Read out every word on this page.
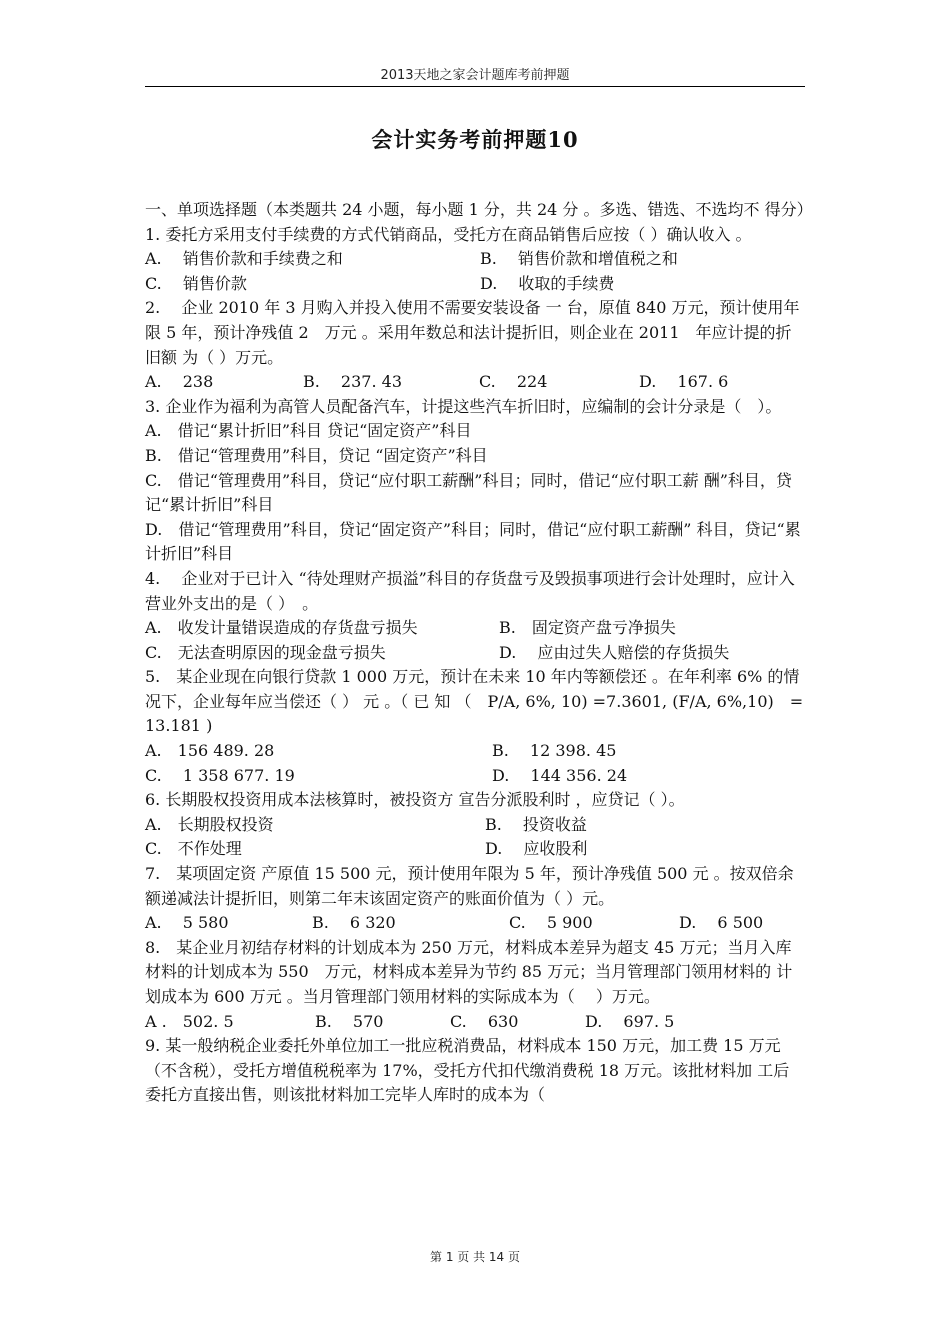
2013天地之家会计题库考前押题
会计实务考前押题10

一、单项选择题（本类题共 24 小题，每小题 1 分，共 24 分 。多选、错选、不选均不 得分）

1. 委托方采用支付手续费的方式代销商品，受托方在商品销售后应按（ ）确认收入 。

A.　 销售价款和手续费之和	B.　 销售价款和增值税之和
C.　 销售价款	D.　 收取的手续费

2.　 企业 2010 年 3 月购入并投入使用不需要安装设备 一 台，原值 840 万元，预计使用年限 5 年，预计净残值 2　万元 。采用年数总和法计提折旧，则企业在 2011　年应计提的折旧额 为（ ）万元。

A.　 238	B.　 237. 43	C.　 224	D.　 167. 6

3. 企业作为福利为高管人员配备汽车，计提这些汽车折旧时，应编制的会计分录是（　）。

A.　借记“累计折旧”科目 贷记“固定资产”科目

B.　借记“管理费用”科目，贷记 “固定资产”科目

C.　借记“管理费用”科目，贷记“应付职工薪酬”科目；同时，借记“应付职工薪 酬”科目，贷记“累计折旧”科目

D.　借记“管理费用”科目，贷记“固定资产”科目；同时，借记“应付职工薪酬” 科目，贷记“累计折旧”科目

4.　 企业对于已计入 “待处理财产损溢”科目的存货盘亏及毁损事项进行会计处理时，应计入营业外支出的是（ ）　。

A.　收发计量错误造成的存货盘亏损失	B.　固定资产盘亏净损失
C.　无法查明原因的现金盘亏损失	D.　 应由过失人赔偿的存货损失

5.　某企业现在向银行贷款 1 000 万元，预计在未来 10 年内等额偿还 。在年利率 6% 的情况下，企业每年应当偿还（ ） 元 。（ 已 知 （　P/A, 6%, 10) =7.3601, (F/A, 6%,10)　=13.181 )

A.　156 489. 28	B.　 12 398. 45
C.　 1 358 677. 19	D.　 144 356. 24

6. 长期股权投资用成本法核算时，被投资方 宣告分派股利时 ，应贷记（ ）。

A.　长期股权投资	B.　 投资收益
C.　不作处理	D.　 应收股利

7.　某项固定资 产原值 15 500 元，预计使用年限为 5 年，预计净残值 500 元 。按双倍余额递减法计提折旧，则第二年末该固定资产的账面价值为（ ）元。

A.　 5 580	B.　 6 320	C.　 5 900	D.　 6 500

8.　某企业月初结存材料的计划成本为 250 万元，材料成本差异为超支 45 万元；当月入库材料的计划成本为 550　万元，材料成本差异为节约 85 万元；当月管理部门领用材料的 计划成本为 600 万元 。当月管理部门领用材料的实际成本为（　 ）万元。

A .　502. 5	B.　 570	C.　 630	D.　 697. 5

9. 某一般纳税企业委托外单位加工一批应税消费品，材料成本 150 万元，加工费 15 万元（不含税），受托方增值税税率为 17%，受托方代扣代缴消费税 18 万元。该批材料加 工后委托方直接出售，则该批材料加工完毕人库时的成本为（

第 1 页 共 14 页
